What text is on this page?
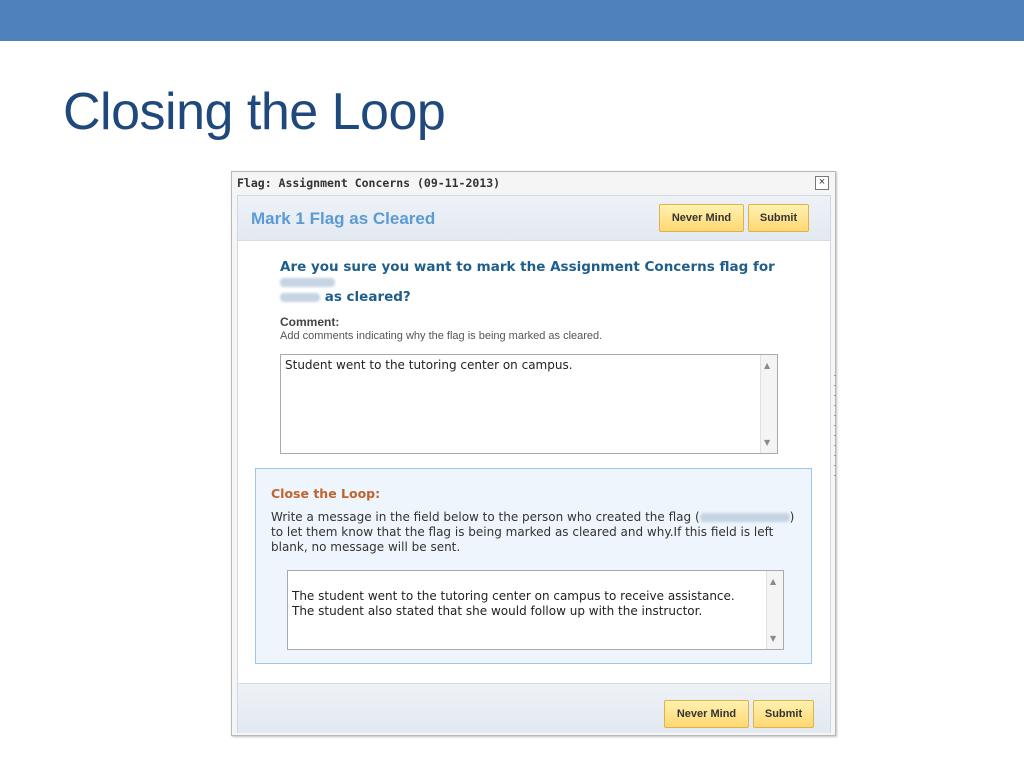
Closing the Loop
Flag: Assignment Concerns (09-11-2013)	×
Mark 1 Flag as Cleared	Never Mind	Submit
Are you sure you want to mark the Assignment Concerns flag for
as cleared?
Comment:
Add comments indicating why the flag is being marked as cleared.
Student went to the tutoring center on campus.	▲
▼
Close the Loop:
Write a message in the field below to the person who created the flag (	) to let them know that the flag is being marked as cleared and why.If this field is left blank, no message will be sent.

The student went to the tutoring center on campus to receive assistance.
The student also stated that she would follow up with the instructor.

▲

▼

Never Mind	Submit
